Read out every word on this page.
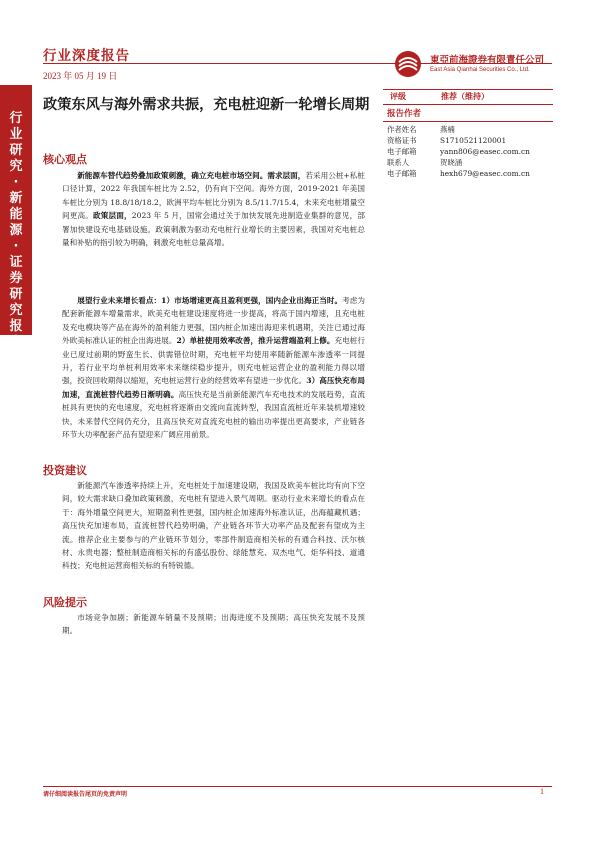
行
业
研
究
·
新
能
源
·
证
券
研
究
报
告
行业深度报告
2023 年 05 月 19 日
東亞前海證券有限責任公司
East Asia Qianhai Securities Co., Ltd.
政策东风与海外需求共振，充电桩迎新一轮增长周期
评级	推荐（维持）
报告作者
作者姓名	燕楠
资格证书	S1710521120001
电子邮箱	yann806@easec.com.cn
联系人	贺晓涵
电子邮箱	hexh679@easec.com.cn
核心观点
新能源车替代趋势叠加政策刺激，确立充电桩市场空间。需求层面，若采用公桩+私桩口径计算，2022 年我国车桩比为 2.52，仍有向下空间。海外方面，2019-2021 年美国车桩比分别为 18.8/18/18.2，欧洲平均车桩比分别为 8.5/11.7/15.4，未来充电桩增量空间更高。政策层面，2023 年 5 月，国常会通过关于加快发展先进制造业集群的意见，部署加快建设充电基础设施。政策刺激为驱动充电桩行业增长的主要因素，我国对充电桩总量和补贴的指引较为明确，刺激充电桩总量高增。
展望行业未来增长看点：1）市场增速更高且盈利更强，国内企业出海正当时。考虑为配套新能源车增量需求，欧美充电桩建设速度将进一步提高，将高于国内增速，且充电桩及充电模块等产品在海外的盈利能力更强，国内桩企加速出海迎来机遇期，关注已通过海外欧美标准认证的桩企出海进展。2）单桩使用效率改善，推升运营端盈利上修。充电桩行业已度过前期的野蛮生长、供需错位时期，充电桩平均使用率随新能源车渗透率一同提升，若行业平均单桩利用效率未来继续稳步提升，则充电桩运营企业的盈利能力得以增强，投资回收期得以缩短，充电桩运营行业的经营效率有望进一步优化。3）高压快充布局加速，直流桩替代趋势日渐明确。高压快充是当前新能源汽车充电技术的发展趋势，直流桩具有更快的充电速度，充电桩将逐渐由交流向直流转型，我国直流桩近年来装机增速较快，未来替代空间仍充分，且高压快充对直流充电桩的输出功率提出更高要求，产业链各环节大功率配套产品有望迎来广阔应用前景。
投资建议
新能源汽车渗透率持续上升，充电桩处于加速建设期，我国及欧美车桩比均有向下空间，较大需求缺口叠加政策刺激，充电桩有望进入景气周期。驱动行业未来增长的看点在于：海外增量空间更大，短期盈利性更强，国内桩企加速海外标准认证，出海蕴藏机遇；高压快充加速布局，直流桩替代趋势明确，产业链各环节大功率产品及配套有望成为主流。推荐企业主要参与的产业链环节划分，零部件制造商相关标的有通合科技、沃尔核材、永贵电器；整桩制造商相关标的有盛弘股份、绿能慧充、双杰电气、炬华科技、道通科技；充电桩运营商相关标的有特锐德。
风险提示
市场竞争加剧；新能源车销量不及预期；出海进度不及预期；高压快充发展不及预期。
请仔细阅读报告尾页的免责声明	1
